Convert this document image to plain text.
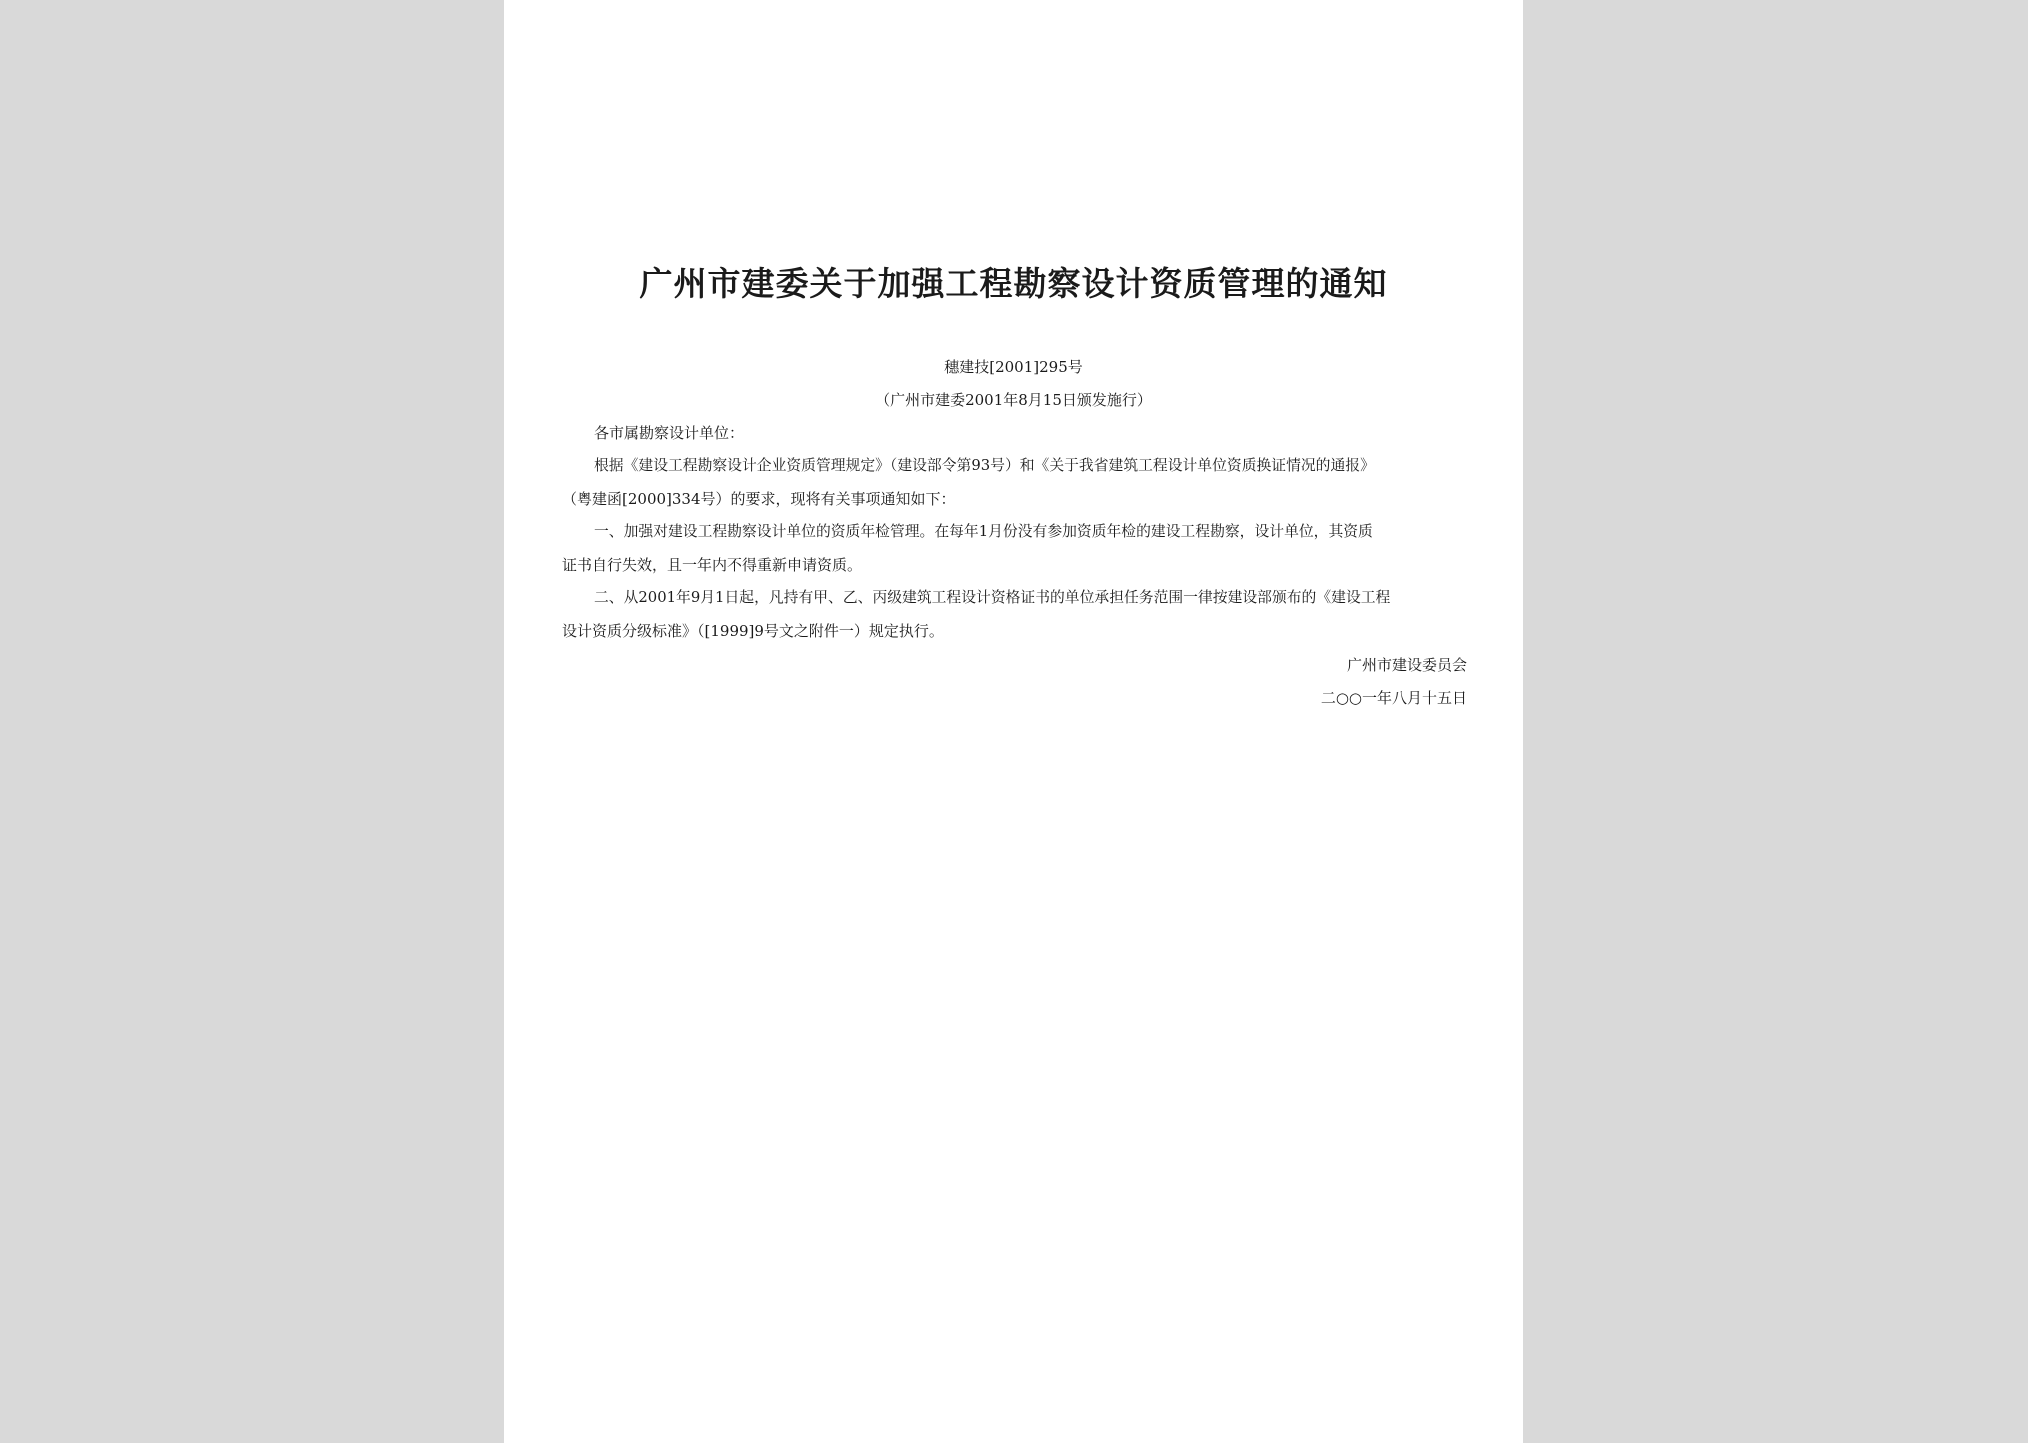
广州市建委关于加强工程勘察设计资质管理的通知
穗建技[2001]295号
（广州市建委2001年8月15日颁发施行）
各市属勘察设计单位：
根据《建设工程勘察设计企业资质管理规定》（建设部令第93号）和《关于我省建筑工程设计单位资质换证情况的通报》
（粤建函[2000]334号）的要求，现将有关事项通知如下：
一、加强对建设工程勘察设计单位的资质年检管理。在每年1月份没有参加资质年检的建设工程勘察，设计单位，其资质
证书自行失效，且一年内不得重新申请资质。
二、从2001年9月1日起，凡持有甲、乙、丙级建筑工程设计资格证书的单位承担任务范围一律按建设部颁布的《建设工程
设计资质分级标准》（[1999]9号文之附件一）规定执行。
广州市建设委员会
二○○一年八月十五日
